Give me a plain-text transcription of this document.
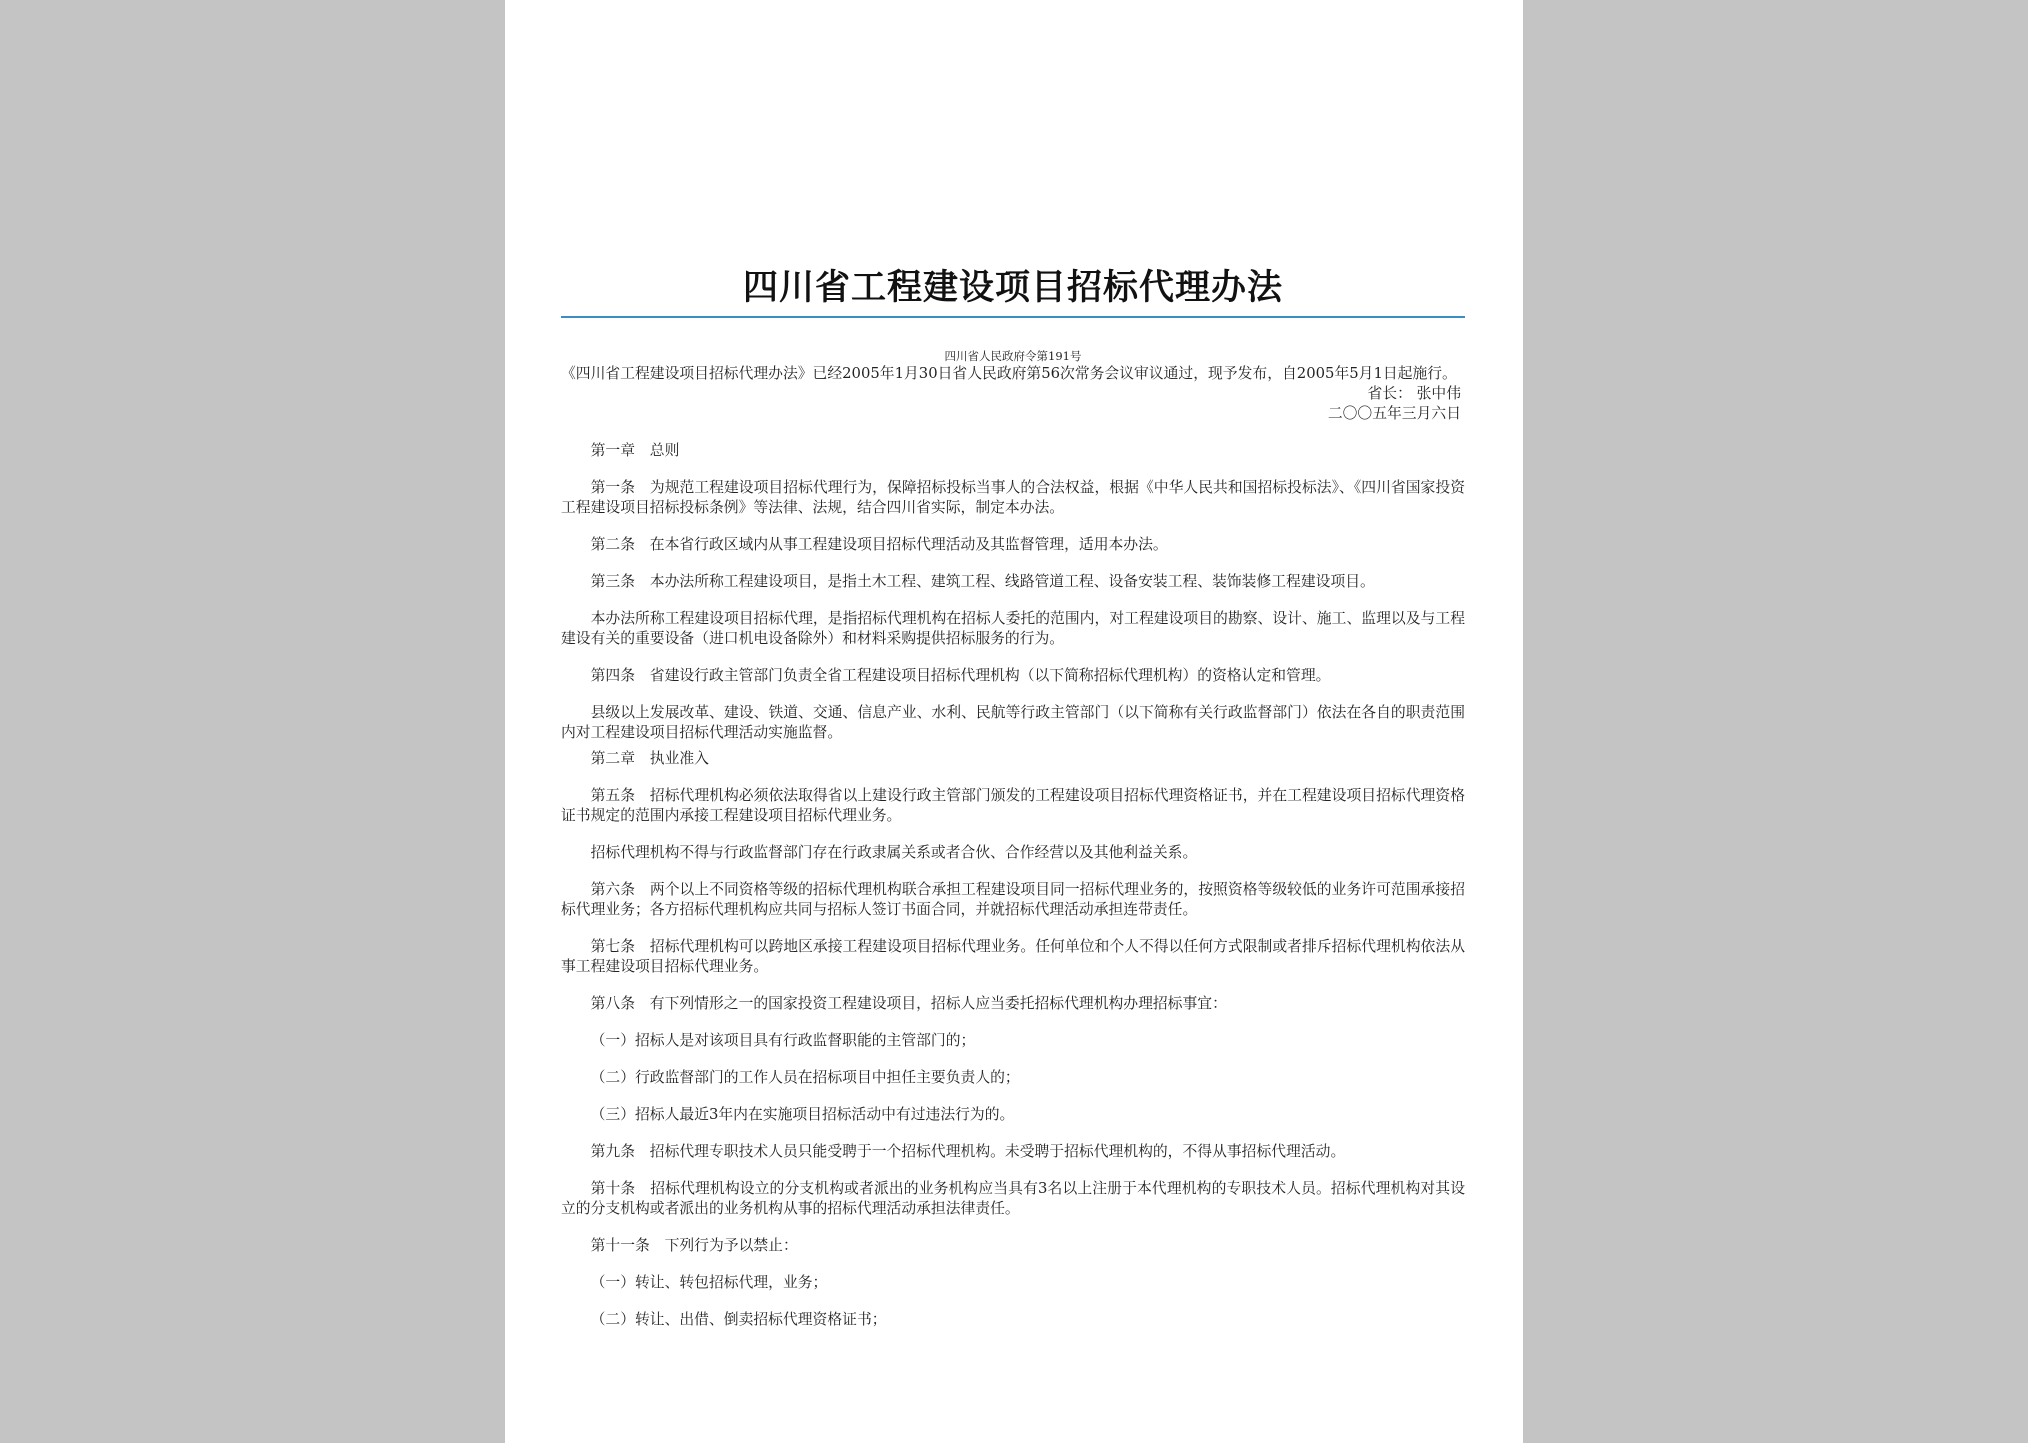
四川省工程建设项目招标代理办法
四川省人民政府令第191号

《四川省工程建设项目招标代理办法》已经2005年1月30日省人民政府第56次常务会议审议通过，现予发布，自2005年5月1日起施行。

省长： 张中伟

二〇〇五年三月六日

第一章　总则

第一条　为规范工程建设项目招标代理行为，保障招标投标当事人的合法权益，根据《中华人民共和国招标投标法》、《四川省国家投资工程建设项目招标投标条例》等法律、法规，结合四川省实际，制定本办法。

第二条　在本省行政区域内从事工程建设项目招标代理活动及其监督管理，适用本办法。

第三条　本办法所称工程建设项目，是指土木工程、建筑工程、线路管道工程、设备安装工程、装饰装修工程建设项目。

本办法所称工程建设项目招标代理，是指招标代理机构在招标人委托的范围内，对工程建设项目的勘察、设计、施工、监理以及与工程建设有关的重要设备（进口机电设备除外）和材料采购提供招标服务的行为。

第四条　省建设行政主管部门负责全省工程建设项目招标代理机构（以下简称招标代理机构）的资格认定和管理。

县级以上发展改革、建设、铁道、交通、信息产业、水利、民航等行政主管部门（以下简称有关行政监督部门）依法在各自的职责范围内对工程建设项目招标代理活动实施监督。

第二章　执业准入

第五条　招标代理机构必须依法取得省以上建设行政主管部门颁发的工程建设项目招标代理资格证书，并在工程建设项目招标代理资格证书规定的范围内承接工程建设项目招标代理业务。

招标代理机构不得与行政监督部门存在行政隶属关系或者合伙、合作经营以及其他利益关系。

第六条　两个以上不同资格等级的招标代理机构联合承担工程建设项目同一招标代理业务的，按照资格等级较低的业务许可范围承接招标代理业务；各方招标代理机构应共同与招标人签订书面合同，并就招标代理活动承担连带责任。

第七条　招标代理机构可以跨地区承接工程建设项目招标代理业务。任何单位和个人不得以任何方式限制或者排斥招标代理机构依法从事工程建设项目招标代理业务。

第八条　有下列情形之一的国家投资工程建设项目，招标人应当委托招标代理机构办理招标事宜：

（一）招标人是对该项目具有行政监督职能的主管部门的；

（二）行政监督部门的工作人员在招标项目中担任主要负责人的；

（三）招标人最近3年内在实施项目招标活动中有过违法行为的。

第九条　招标代理专职技术人员只能受聘于一个招标代理机构。未受聘于招标代理机构的，不得从事招标代理活动。

第十条　招标代理机构设立的分支机构或者派出的业务机构应当具有3名以上注册于本代理机构的专职技术人员。招标代理机构对其设立的分支机构或者派出的业务机构从事的招标代理活动承担法律责任。

第十一条　下列行为予以禁止：

（一）转让、转包招标代理，业务；

（二）转让、出借、倒卖招标代理资格证书；
